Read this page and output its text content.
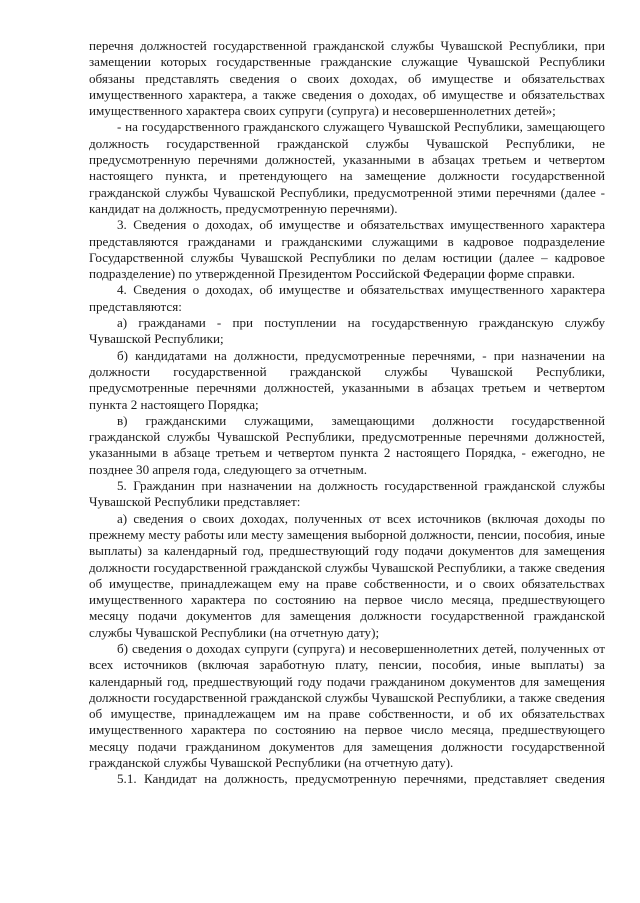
перечня должностей государственной гражданской службы Чувашской Республики, при замещении которых государственные гражданские служащие Чувашской Республики обязаны представлять сведения о своих доходах, об имуществе и обязательствах имущественного характера, а также сведения о доходах, об имуществе и обязательствах имущественного характера своих супруги (супруга) и несовершеннолетних детей»;

- на государственного гражданского служащего Чувашской Республики, замещающего должность государственной гражданской службы Чувашской Республики, не предусмотренную перечнями должностей, указанными в абзацах третьем и четвертом настоящего пункта, и претендующего на замещение должности государственной гражданской службы Чувашской Республики, предусмотренной этими перечнями (далее - кандидат на должность, предусмотренную перечнями).

3. Сведения о доходах, об имуществе и обязательствах имущественного характера представляются гражданами и гражданскими служащими в кадровое подразделение Государственной службы Чувашской Республики по делам юстиции (далее – кадровое подразделение) по утвержденной Президентом Российской Федерации форме справки.

4. Сведения о доходах, об имуществе и обязательствах имущественного характера представляются:

а) гражданами - при поступлении на государственную гражданскую службу Чувашской Республики;

б) кандидатами на должности, предусмотренные перечнями, - при назначении на должности государственной гражданской службы Чувашской Республики, предусмотренные перечнями должностей, указанными в абзацах третьем и четвертом пункта 2 настоящего Порядка;

в) гражданскими служащими, замещающими должности государственной гражданской службы Чувашской Республики, предусмотренные перечнями должностей, указанными в абзаце третьем и четвертом пункта 2 настоящего Порядка, - ежегодно, не позднее 30 апреля года, следующего за отчетным.

5. Гражданин при назначении на должность государственной гражданской службы Чувашской Республики представляет:

а) сведения о своих доходах, полученных от всех источников (включая доходы по прежнему месту работы или месту замещения выборной должности, пенсии, пособия, иные выплаты) за календарный год, предшествующий году подачи документов для замещения должности государственной гражданской службы Чувашской Республики, а также сведения об имуществе, принадлежащем ему на праве собственности, и о своих обязательствах имущественного характера по состоянию на первое число месяца, предшествующего месяцу подачи документов для замещения должности государственной гражданской службы Чувашской Республики (на отчетную дату);

б) сведения о доходах супруги (супруга) и несовершеннолетних детей, полученных от всех источников (включая заработную плату, пенсии, пособия, иные выплаты) за календарный год, предшествующий году подачи гражданином документов для замещения должности государственной гражданской службы Чувашской Республики, а также сведения об имуществе, принадлежащем им на праве собственности, и об их обязательствах имущественного характера по состоянию на первое число месяца, предшествующего месяцу подачи гражданином документов для замещения должности государственной гражданской службы Чувашской Республики (на отчетную дату).

5.1. Кандидат на должность, предусмотренную перечнями, представляет сведения
